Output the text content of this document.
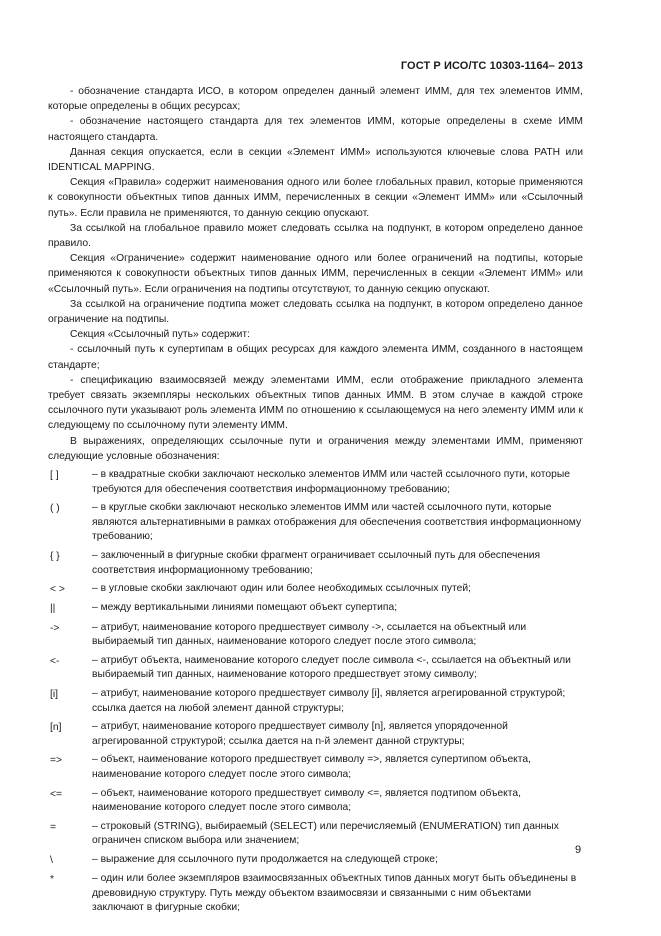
ГОСТ Р ИСО/ТС 10303-1164– 2013

- обозначение стандарта ИСО, в котором определен данный элемент ИММ, для тех элементов ИММ, которые определены в общих ресурсах;

- обозначение настоящего стандарта для тех элементов ИММ, которые определены в схеме ИММ настоящего стандарта.

Данная секция опускается, если в секции «Элемент ИММ» используются ключевые слова PATH или IDENTICAL MAPPING.

Секция «Правила» содержит наименования одного или более глобальных правил, которые применяются к совокупности объектных типов данных ИММ, перечисленных в секции «Элемент ИММ» или «Ссылочный путь». Если правила не применяются, то данную секцию опускают.

За ссылкой на глобальное правило может следовать ссылка на подпункт, в котором определено данное правило.

Секция «Ограничение» содержит наименование одного или более ограничений на подтипы, которые применяются к совокупности объектных типов данных ИММ, перечисленных в секции «Элемент ИММ» или «Ссылочный путь». Если ограничения на подтипы отсутствуют, то данную секцию опускают.

За ссылкой на ограничение подтипа может следовать ссылка на подпункт, в котором определено данное ограничение на подтипы.

Секция «Ссылочный путь» содержит:

- ссылочный путь к супертипам в общих ресурсах для каждого элемента ИММ, созданного в настоящем стандарте;

- спецификацию взаимосвязей между элементами ИММ, если отображение прикладного элемента требует связать экземпляры нескольких объектных типов данных ИММ. В этом случае в каждой строке ссылочного пути указывают роль элемента ИММ по отношению к ссылающемуся на него элементу ИММ или к следующему по ссылочному пути элементу ИММ.

В выражениях, определяющих ссылочные пути и ограничения между элементами ИММ, применяют следующие условные обозначения:

[ ]	– в квадратные скобки заключают несколько элементов ИММ или частей ссылочного пути, которые требуются для обеспечения соответствия информационному требованию;
( )	– в круглые скобки заключают несколько элементов ИММ или частей ссылочного пути, которые являются альтернативными в рамках отображения для обеспечения соответствия информационному требованию;
{ }	– заключенный в фигурные скобки фрагмент ограничивает ссылочный путь для обеспечения соответствия информационному требованию;
< >	– в угловые скобки заключают один или более необходимых ссылочных путей;
||	– между вертикальными линиями помещают объект супертипа;
->	– атрибут, наименование которого предшествует символу ->, ссылается на объектный или выбираемый тип данных, наименование которого следует после этого символа;
<-	– атрибут объекта, наименование которого следует после символа <-, ссылается на объектный или выбираемый тип данных, наименование которого предшествует этому символу;
[i]	– атрибут, наименование которого предшествует символу [i], является агрегированной структурой; ссылка дается на любой элемент данной структуры;
[n]	– атрибут, наименование которого предшествует символу [n], является упорядоченной агрегированной структурой; ссылка дается на n-й элемент данной структуры;
=>	– объект, наименование которого предшествует символу =>, является супертипом объекта, наименование которого следует после этого символа;
<=	– объект, наименование которого предшествует символу <=, является подтипом объекта, наименование которого следует после этого символа;
=	– строковый (STRING), выбираемый (SELECT) или перечисляемый (ENUMERATION) тип данных ограничен списком выбора или значением;
\	– выражение для ссылочного пути продолжается на следующей строке;
*	– один или более экземпляров взаимосвязанных объектных типов данных могут быть объединены в древовидную структуру. Путь между объектом взаимосвязи и связанными с ним объектами заключают в фигурные скобки;
9
